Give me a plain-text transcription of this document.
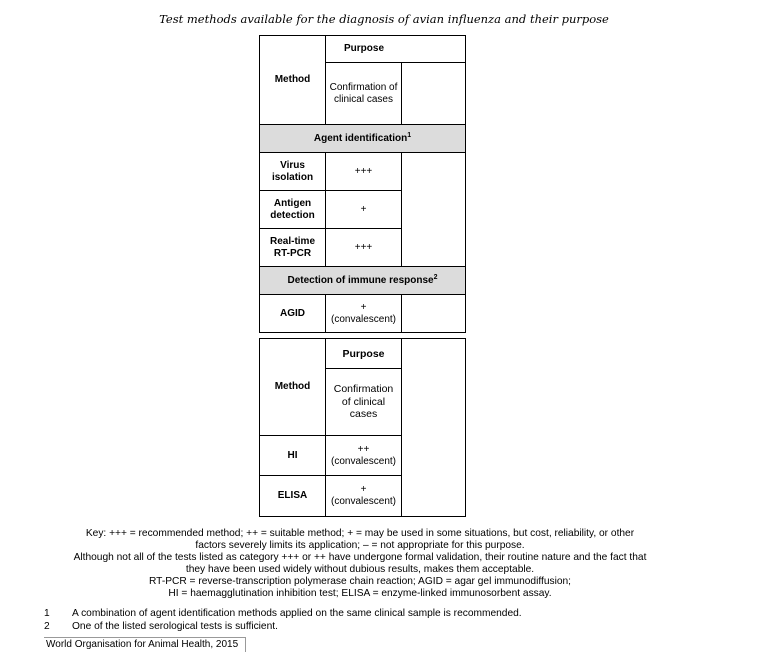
Test methods available for the diagnosis of avian influenza and their purpose
Method	Purpose	
	Confirmation of clinical cases	
Agent identification$^1$
Virus isolation	+++	
Antigen detection	+	
Real-time RT-PCR	+++	
Detection of immune response$^2$
AGID	+ (convalescent)	
Method	Purpose	
	Confirmation of clinical cases	
HI	++ (convalescent)	
ELISA	+ (convalescent)	
Key: +++ = recommended method; ++ = suitable method; + = may be used in some situations, but cost, reliability, or other
factors severely limits its application; – = not appropriate for this purpose.
Although not all of the tests listed as category +++ or ++ have undergone formal validation, their routine nature and the fact that
they have been used widely without dubious results, makes them acceptable.
RT-PCR = reverse-transcription polymerase chain reaction; AGID = agar gel immunodiffusion;
HI = haemagglutination inhibition test; ELISA = enzyme-linked immunosorbent assay.
1 A combination of agent identification methods applied on the same clinical sample is recommended.
2 One of the listed serological tests is sufficient.
World Organisation for Animal Health, 2015
